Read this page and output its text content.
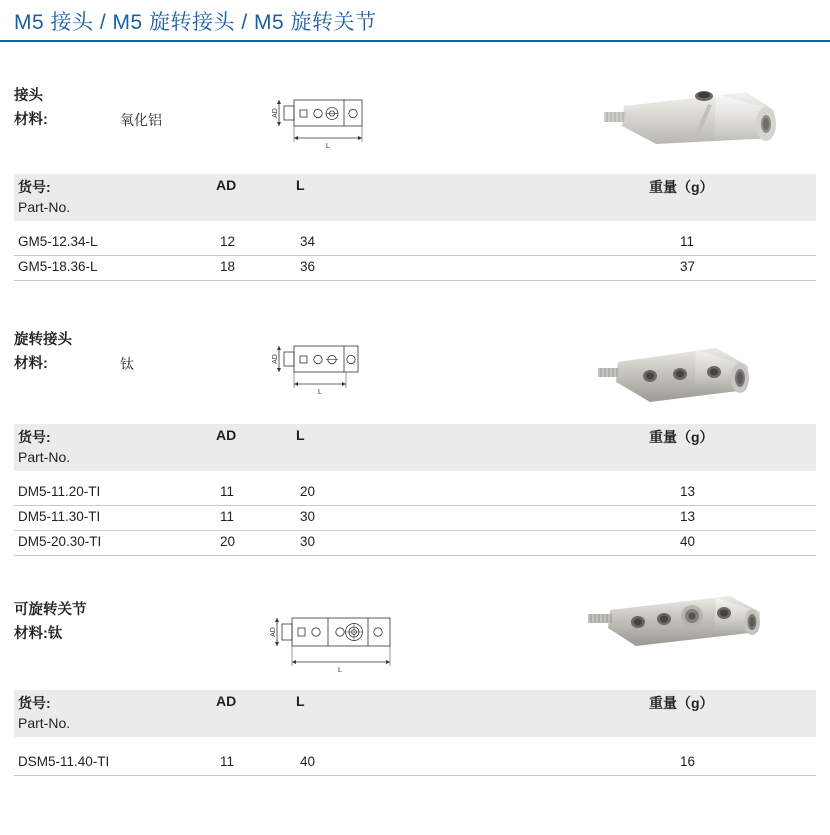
M5 接头 / M5 旋转接头 / M5 旋转关节
接头
材料:	氧化铝	AD
L
货号:
Part-No.
AD	L	重量（g）
GM5-12.34-L	12	34	11
GM5-18.36-L	18	36	37
旋转接头
材料:	钛	AD
L
货号:
Part-No.
AD	L	重量（g）
DM5-11.20-TI	11	20	13
DM5-11.30-TI	11	30	13
DM5-20.30-TI	20	30	40
可旋转关节
材料:钛	AD
L
货号:
Part-No.
AD	L	重量（g）
DSM5-11.40-TI	11	40	16
